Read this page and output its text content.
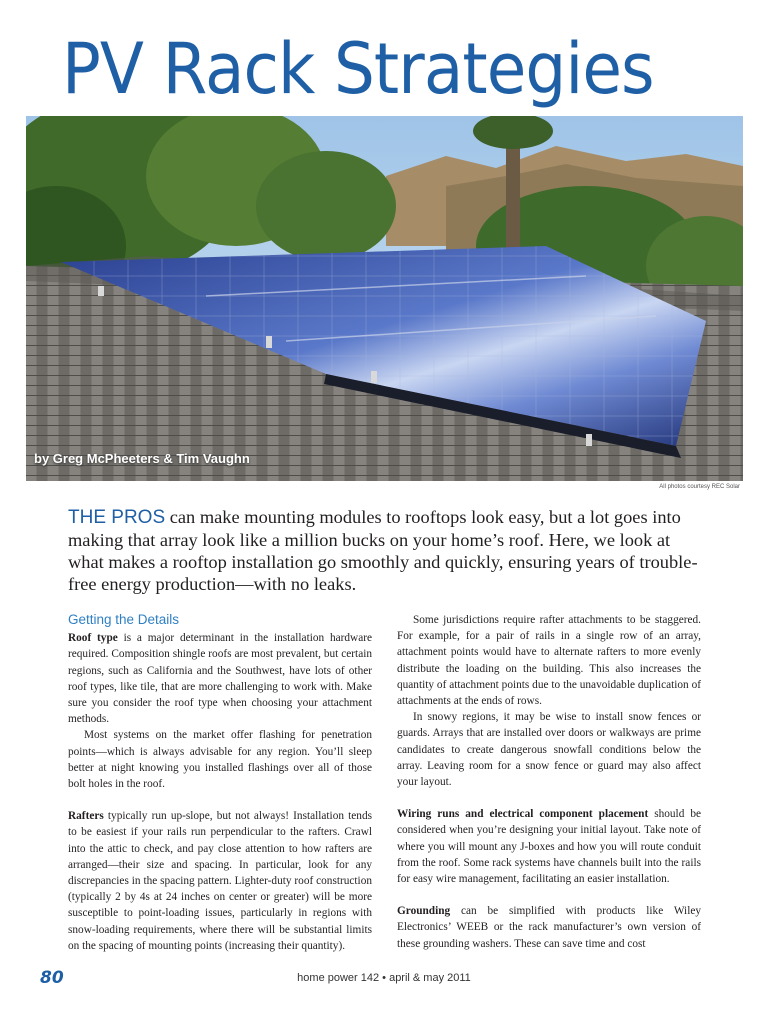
PV Rack Strategies
by Greg McPheeters & Tim Vaughn
All photos courtesy REC Solar

THE PROS can make mounting modules to rooftops look easy, but a lot goes into making that array look like a million bucks on your home’s roof. Here, we look at what makes a rooftop installation go smoothly and quickly, ensuring years of trouble-free energy production—with no leaks.

Getting the Details

Roof type is a major determinant in the installation hardware required. Composition shingle roofs are most prevalent, but certain regions, such as California and the Southwest, have lots of other roof types, like tile, that are more challenging to work with. Make sure you consider the roof type when choosing your attachment methods.

Most systems on the market offer flashing for penetration points—which is always advisable for any region. You’ll sleep better at night knowing you installed flashings over all of those bolt holes in the roof.

Rafters typically run up-slope, but not always! Installation tends to be easiest if your rails run perpendicular to the rafters. Crawl into the attic to check, and pay close attention to how rafters are arranged—their size and spacing. In particular, look for any discrepancies in the spacing pattern. Lighter-duty roof construction (typically 2 by 4s at 24 inches on center or greater) will be more susceptible to point-loading issues, particularly in regions with snow-loading requirements, where there will be substantial limits on the spacing of mounting points (increasing their quantity).

Some jurisdictions require rafter attachments to be staggered. For example, for a pair of rails in a single row of an array, attachment points would have to alternate rafters to more evenly distribute the loading on the building. This also increases the quantity of attachment points due to the unavoidable duplication of attachments at the ends of rows.

In snowy regions, it may be wise to install snow fences or guards. Arrays that are installed over doors or walkways are prime candidates to create dangerous snowfall conditions below the array. Leaving room for a snow fence or guard may also affect your layout.

Wiring runs and electrical component placement should be considered when you’re designing your initial layout. Take note of where you will mount any J-boxes and how you will route conduit from the roof. Some rack systems have channels built into the rails for easy wire management, facilitating an easier installation.

Grounding can be simplified with products like Wiley Electronics’ WEEB or the rack manufacturer’s own version of these grounding washers. These can save time and cost

80	home power 142 • april & may 2011
